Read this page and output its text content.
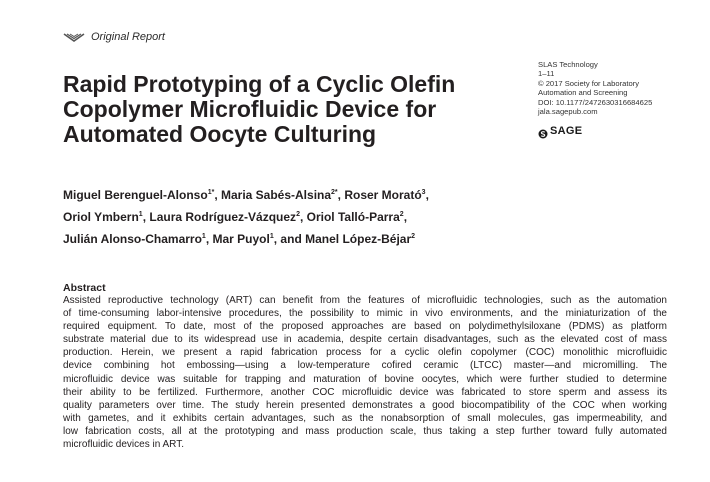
Original Report
Rapid Prototyping of a Cyclic Olefin
Copolymer Microfluidic Device for
Automated Oocyte Culturing
SLAS Technology
1–11
© 2017 Society for Laboratory
Automation and Screening
DOI: 10.1177/2472630316684625
jala.sagepub.com
SAGE
Miguel Berenguel-Alonso$^{1*}$, Maria Sabés-Alsina$^{2*}$, Roser Morató$^3$,
Oriol Ymbern$^1$, Laura Rodríguez-Vázquez$^2$, Oriol Talló-Parra$^2$,
Julián Alonso-Chamarro$^1$, Mar Puyol$^1$, and Manel López-Béjar$^2$
Abstract
Assisted reproductive technology (ART) can benefit from the features of microfluidic technologies, such as the automation
of time-consuming labor-intensive procedures, the possibility to mimic in vivo environments, and the miniaturization of the
required equipment. To date, most of the proposed approaches are based on polydimethylsiloxane (PDMS) as platform
substrate material due to its widespread use in academia, despite certain disadvantages, such as the elevated cost of mass
production. Herein, we present a rapid fabrication process for a cyclic olefin copolymer (COC) monolithic microfluidic
device combining hot embossing—using a low-temperature cofired ceramic (LTCC) master—and micromilling. The
microfluidic device was suitable for trapping and maturation of bovine oocytes, which were further studied to determine
their ability to be fertilized. Furthermore, another COC microfluidic device was fabricated to store sperm and assess its
quality parameters over time. The study herein presented demonstrates a good biocompatibility of the COC when working
with gametes, and it exhibits certain advantages, such as the nonabsorption of small molecules, gas impermeability, and
low fabrication costs, all at the prototyping and mass production scale, thus taking a step further toward fully automated
microfluidic devices in ART.
